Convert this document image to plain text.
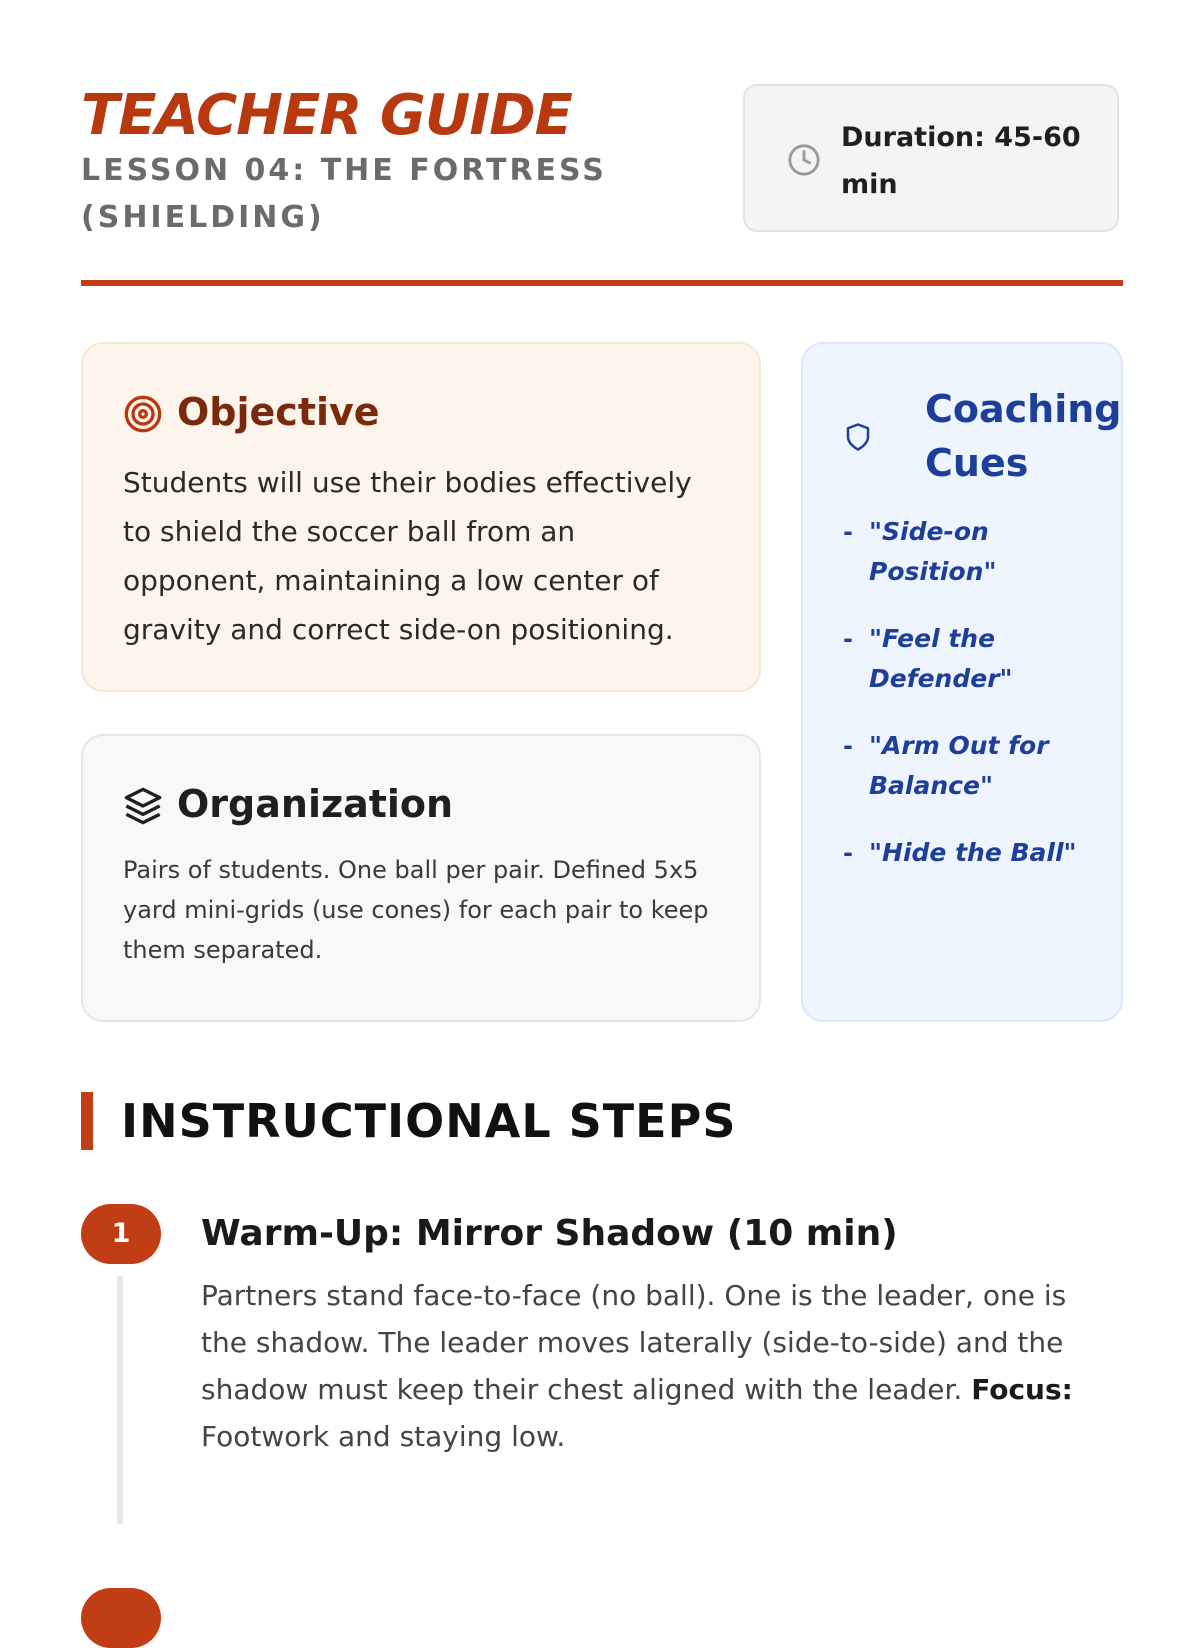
TEACHER GUIDE
LESSON 04: THE FORTRESS (SHIELDING)
Duration: 45-60 min
Objective
Students will use their bodies effectively to shield the soccer ball from an opponent, maintaining a low center of gravity and correct side-on positioning.
Organization
Pairs of students. One ball per pair. Defined 5x5 yard mini-grids (use cones) for each pair to keep them separated.
Coaching Cues
- "Side-on Position"
- "Feel the Defender"
- "Arm Out for Balance"
- "Hide the Ball"
INSTRUCTIONAL STEPS
1	Warm-Up: Mirror Shadow (10 min)
Partners stand face-to-face (no ball). One is the leader, one is the shadow. The leader moves laterally (side-to-side) and the shadow must keep their chest aligned with the leader. Focus: Footwork and staying low.
